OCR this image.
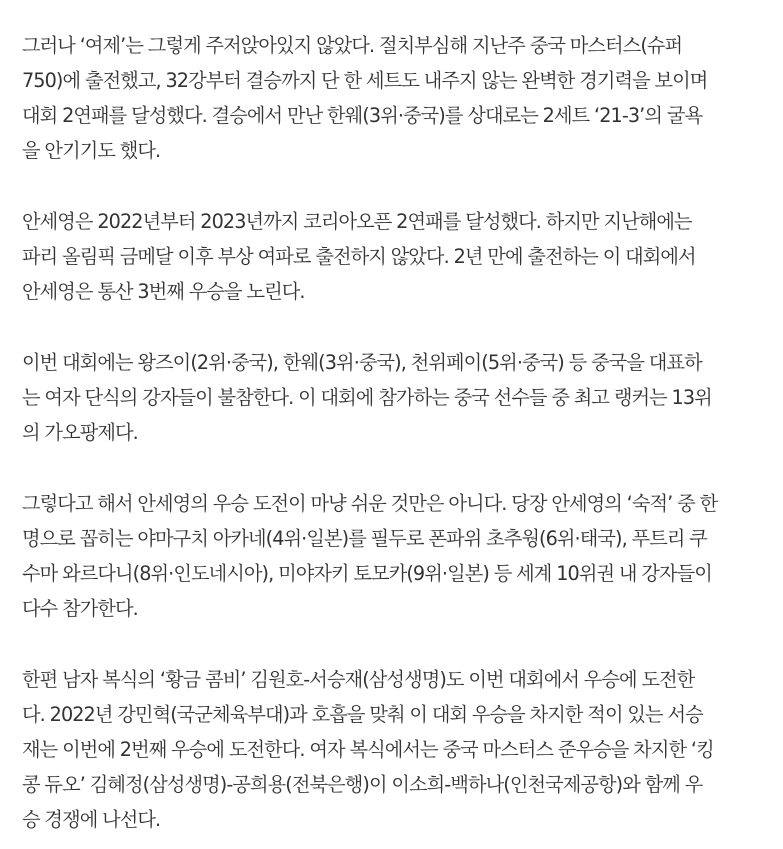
그러나 ‘여제’는 그렇게 주저앉아있지 않았다. 절치부심해 지난주 중국 마스터스(슈퍼
750)에 출전했고, 32강부터 결승까지 단 한 세트도 내주지 않는 완벽한 경기력을 보이며
대회 2연패를 달성했다. 결승에서 만난 한웨(3위·중국)를 상대로는 2세트 ‘21-3’의 굴욕
을 안기기도 했다.

안세영은 2022년부터 2023년까지 코리아오픈 2연패를 달성했다. 하지만 지난해에는
파리 올림픽 금메달 이후 부상 여파로 출전하지 않았다. 2년 만에 출전하는 이 대회에서
안세영은 통산 3번째 우승을 노린다.

이번 대회에는 왕즈이(2위·중국), 한웨(3위·중국), 천위페이(5위·중국) 등 중국을 대표하
는 여자 단식의 강자들이 불참한다. 이 대회에 참가하는 중국 선수들 중 최고 랭커는 13위
의 가오팡제다.

그렇다고 해서 안세영의 우승 도전이 마냥 쉬운 것만은 아니다. 당장 안세영의 ‘숙적’ 중 한
명으로 꼽히는 야마구치 아카네(4위·일본)를 필두로 폰파위 초추웡(6위·태국), 푸트리 쿠
수마 와르다니(8위·인도네시아), 미야자키 토모카(9위·일본) 등 세계 10위권 내 강자들이
다수 참가한다.

한편 남자 복식의 ‘황금 콤비’ 김원호-서승재(삼성생명)도 이번 대회에서 우승에 도전한
다. 2022년 강민혁(국군체육부대)과 호흡을 맞춰 이 대회 우승을 차지한 적이 있는 서승
재는 이번에 2번째 우승에 도전한다. 여자 복식에서는 중국 마스터스 준우승을 차지한 ‘킹
콩 듀오’ 김혜정(삼성생명)-공희용(전북은행)이 이소희-백하나(인천국제공항)와 함께 우
승 경쟁에 나선다.
